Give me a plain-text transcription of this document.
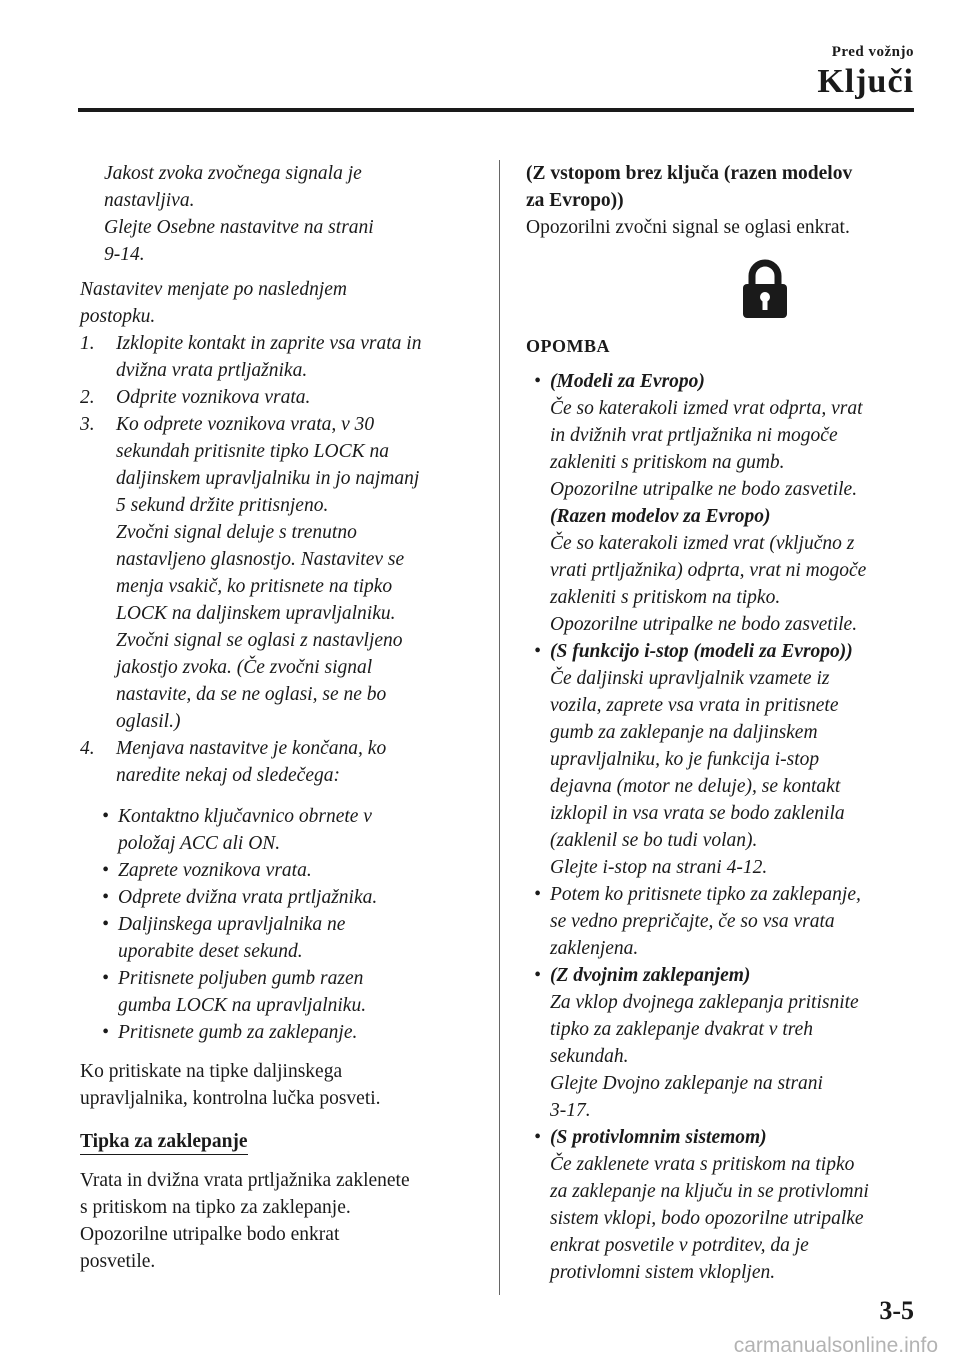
Pred vožnjo
Ključi

Jakost zvoka zvočnega signala je

nastavljiva.

Glejte Osebne nastavitve na strani

9-14.

Nastavitev menjate po naslednjem

postopku.

1.	Izklopite kontakt in zaprite vsa vrata in

dvižna vrata prtljažnika.

2.	Odprite voznikova vrata.

3.	Ko odprete voznikova vrata, v 30

sekundah pritisnite tipko LOCK na

daljinskem upravljalniku in jo najmanj

5 sekund držite pritisnjeno.

Zvočni signal deluje s trenutno

nastavljeno glasnostjo. Nastavitev se

menja vsakič, ko pritisnete na tipko

LOCK na daljinskem upravljalniku.

Zvočni signal se oglasi z nastavljeno

jakostjo zvoka. (Če zvočni signal

nastavite, da se ne oglasi, se ne bo

oglasil.)

4.	Menjava nastavitve je končana, ko

naredite nekaj od sledečega:

• Kontaktno ključavnico obrnete v

položaj ACC ali ON.

• Zaprete voznikova vrata.

• Odprete dvižna vrata prtljažnika.

• Daljinskega upravljalnika ne

uporabite deset sekund.

• Pritisnete poljuben gumb razen

gumba LOCK na upravljalniku.

• Pritisnete gumb za zaklepanje.

Ko pritiskate na tipke daljinskega

upravljalnika, kontrolna lučka posveti.

Tipka za zaklepanje

Vrata in dvižna vrata prtljažnika zaklenete

s pritiskom na tipko za zaklepanje.

Opozorilne utripalke bodo enkrat

posvetile.

(Z vstopom brez ključa (razen modelov

za Evropo))

Opozorilni zvočni signal se oglasi enkrat.

OPOMBA

• (Modeli za Evropo)

Če so katerakoli izmed vrat odprta, vrat

in dvižnih vrat prtljažnika ni mogoče

zakleniti s pritiskom na gumb.

Opozorilne utripalke ne bodo zasvetile.

(Razen modelov za Evropo)

Če so katerakoli izmed vrat (vključno z

vrati prtljažnika) odprta, vrat ni mogoče

zakleniti s pritiskom na tipko.

Opozorilne utripalke ne bodo zasvetile.

• (S funkcijo i-stop (modeli za Evropo))

Če daljinski upravljalnik vzamete iz

vozila, zaprete vsa vrata in pritisnete

gumb za zaklepanje na daljinskem

upravljalniku, ko je funkcija i-stop

dejavna (motor ne deluje), se kontakt

izklopil in vsa vrata se bodo zaklenila

(zaklenil se bo tudi volan).

Glejte i-stop na strani 4-12.

• Potem ko pritisnete tipko za zaklepanje,

se vedno prepričajte, če so vsa vrata

zaklenjena.

• (Z dvojnim zaklepanjem)

Za vklop dvojnega zaklepanja pritisnite

tipko za zaklepanje dvakrat v treh

sekundah.

Glejte Dvojno zaklepanje na strani

3-17.

• (S protivlomnim sistemom)

Če zaklenete vrata s pritiskom na tipko

za zaklepanje na ključu in se protivlomni

sistem vklopi, bodo opozorilne utripalke

enkrat posvetile v potrditev, da je

protivlomni sistem vklopljen.

3-5
carmanualsonline.info
